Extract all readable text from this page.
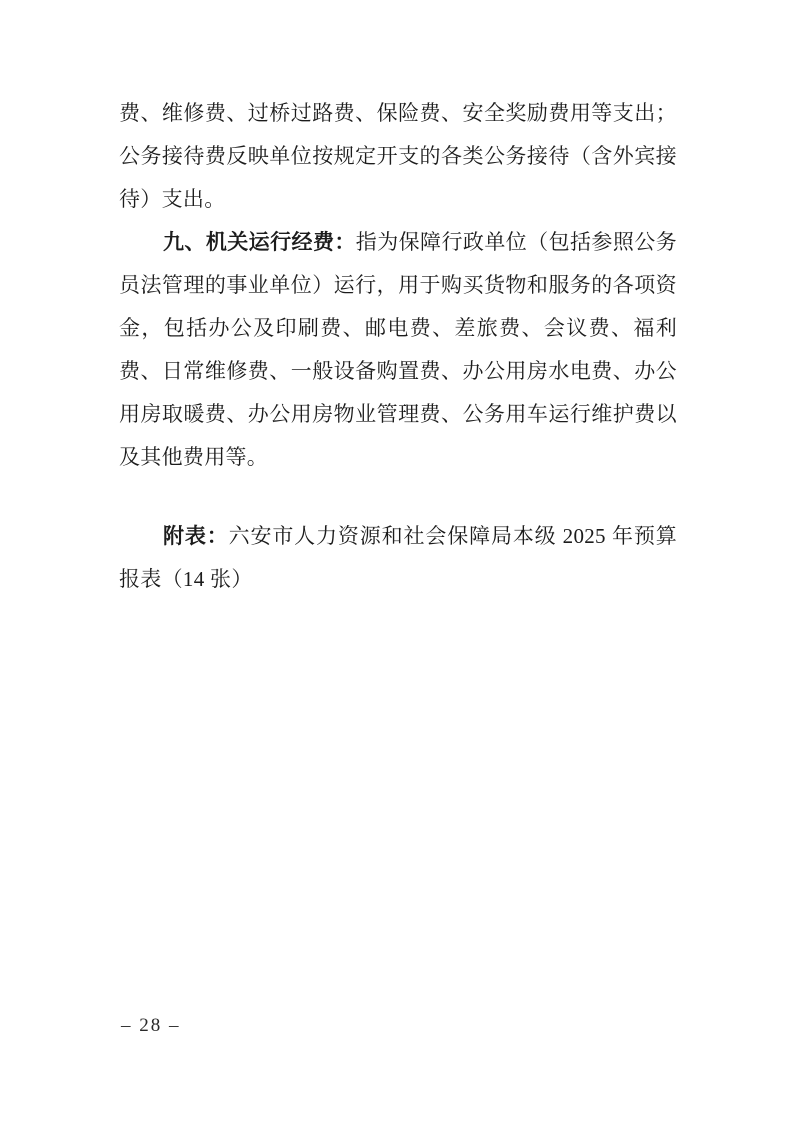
费、维修费、过桥过路费、保险费、安全奖励费用等支出；公务接待费反映单位按规定开支的各类公务接待（含外宾接待）支出。

九、机关运行经费：指为保障行政单位（包括参照公务员法管理的事业单位）运行，用于购买货物和服务的各项资金，包括办公及印刷费、邮电费、差旅费、会议费、福利费、日常维修费、一般设备购置费、办公用房水电费、办公用房取暖费、办公用房物业管理费、公务用车运行维护费以及其他费用等。

附表：六安市人力资源和社会保障局本级 2025 年预算报表（14 张）

– 28 –
